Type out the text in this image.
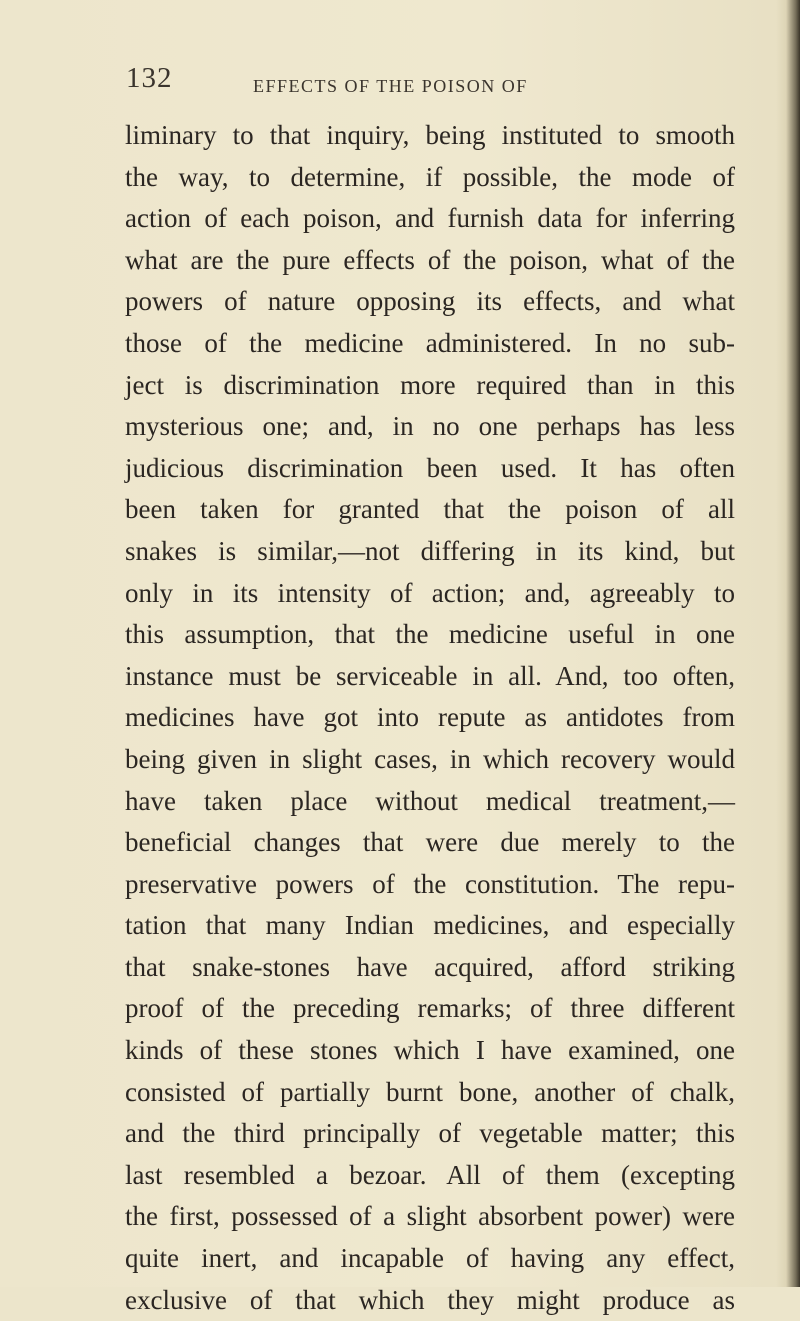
132	EFFECTS OF THE POISON OF
liminary to that inquiry, being instituted to smooth
the way, to determine, if possible, the mode of
action of each poison, and furnish data for inferring
what are the pure effects of the poison, what of the
powers of nature opposing its effects, and what
those of the medicine administered. In no sub-
ject is discrimination more required than in this
mysterious one; and, in no one perhaps has less
judicious discrimination been used. It has often
been taken for granted that the poison of all
snakes is similar,—not differing in its kind, but
only in its intensity of action; and, agreeably to
this assumption, that the medicine useful in one
instance must be serviceable in all. And, too often,
medicines have got into repute as antidotes from
being given in slight cases, in which recovery would
have taken place without medical treatment,—
beneficial changes that were due merely to the
preservative powers of the constitution. The repu-
tation that many Indian medicines, and especially
that snake-stones have acquired, afford striking
proof of the preceding remarks; of three different
kinds of these stones which I have examined, one
consisted of partially burnt bone, another of chalk,
and the third principally of vegetable matter; this
last resembled a bezoar. All of them (excepting
the first, possessed of a slight absorbent power) were
quite inert, and incapable of having any effect,
exclusive of that which they might produce as
